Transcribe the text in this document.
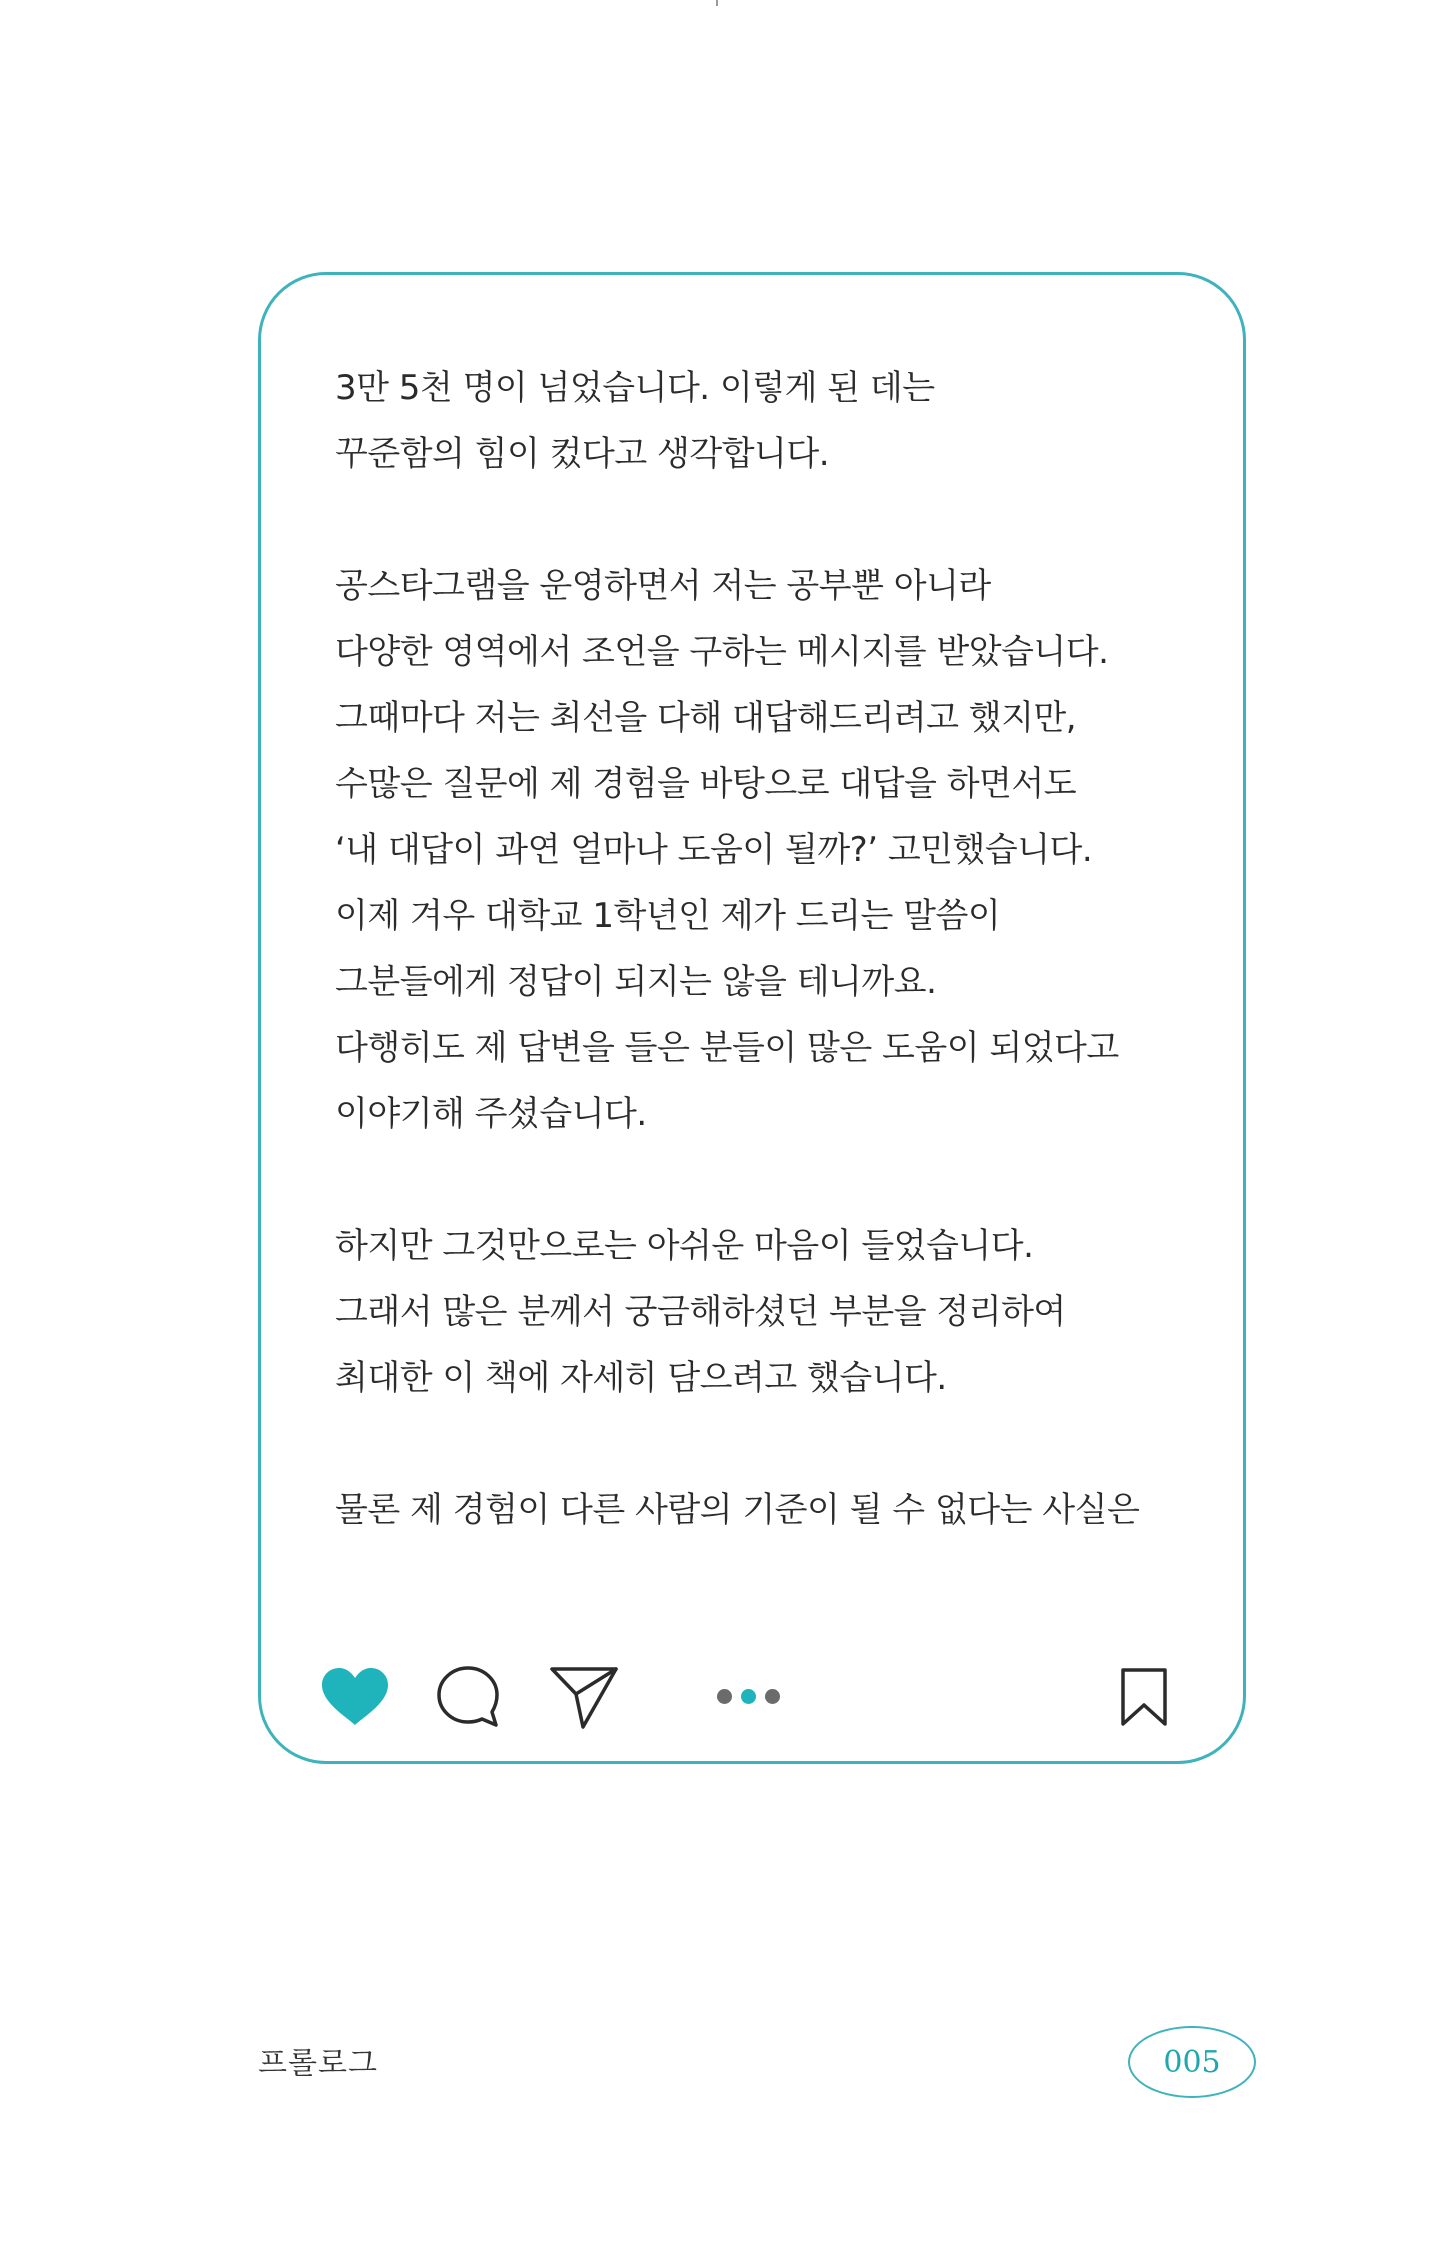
3만 5천 명이 넘었습니다. 이렇게 된 데는
꾸준함의 힘이 컸다고 생각합니다.
공스타그램을 운영하면서 저는 공부뿐 아니라
다양한 영역에서 조언을 구하는 메시지를 받았습니다.
그때마다 저는 최선을 다해 대답해드리려고 했지만,
수많은 질문에 제 경험을 바탕으로 대답을 하면서도
‘내 대답이 과연 얼마나 도움이 될까?’ 고민했습니다.
이제 겨우 대학교 1학년인 제가 드리는 말씀이
그분들에게 정답이 되지는 않을 테니까요.
다행히도 제 답변을 들은 분들이 많은 도움이 되었다고
이야기해 주셨습니다.
하지만 그것만으로는 아쉬운 마음이 들었습니다.
그래서 많은 분께서 궁금해하셨던 부분을 정리하여
최대한 이 책에 자세히 담으려고 했습니다.
물론 제 경험이 다른 사람의 기준이 될 수 없다는 사실은
프롤로그	005
